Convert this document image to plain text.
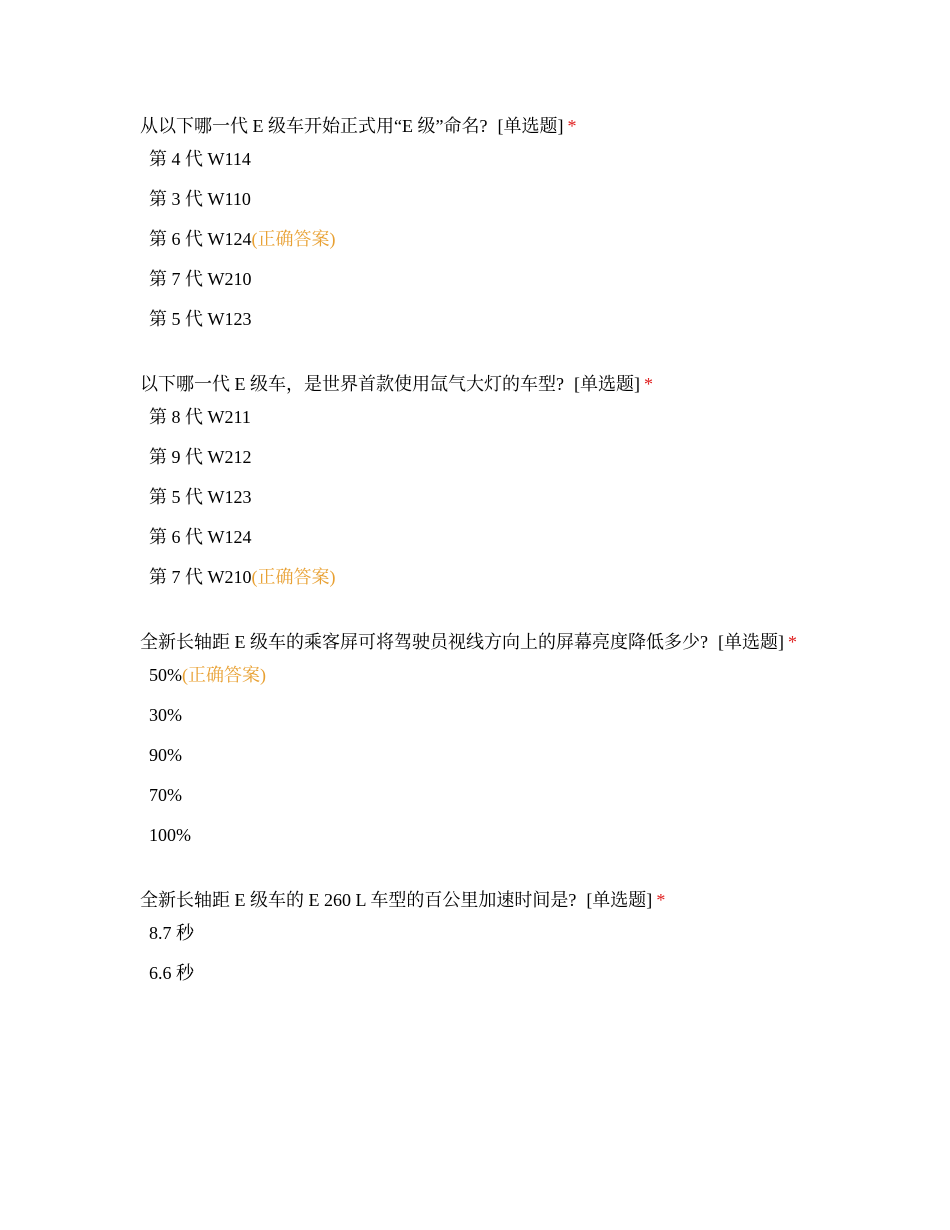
从以下哪一代 E 级车开始正式用“E 级”命名? [单选题] *
第 4 代 W114
第 3 代 W110
第 6 代 W124(正确答案)
第 7 代 W210
第 5 代 W123
以下哪一代 E 级车，是世界首款使用氙气大灯的车型? [单选题] *
第 8 代 W211
第 9 代 W212
第 5 代 W123
第 6 代 W124
第 7 代 W210(正确答案)
全新长轴距 E 级车的乘客屏可将驾驶员视线方向上的屏幕亮度降低多少? [单选题] *
50%(正确答案)
30%
90%
70%
100%
全新长轴距 E 级车的 E 260 L 车型的百公里加速时间是? [单选题] *
8.7 秒
6.6 秒
